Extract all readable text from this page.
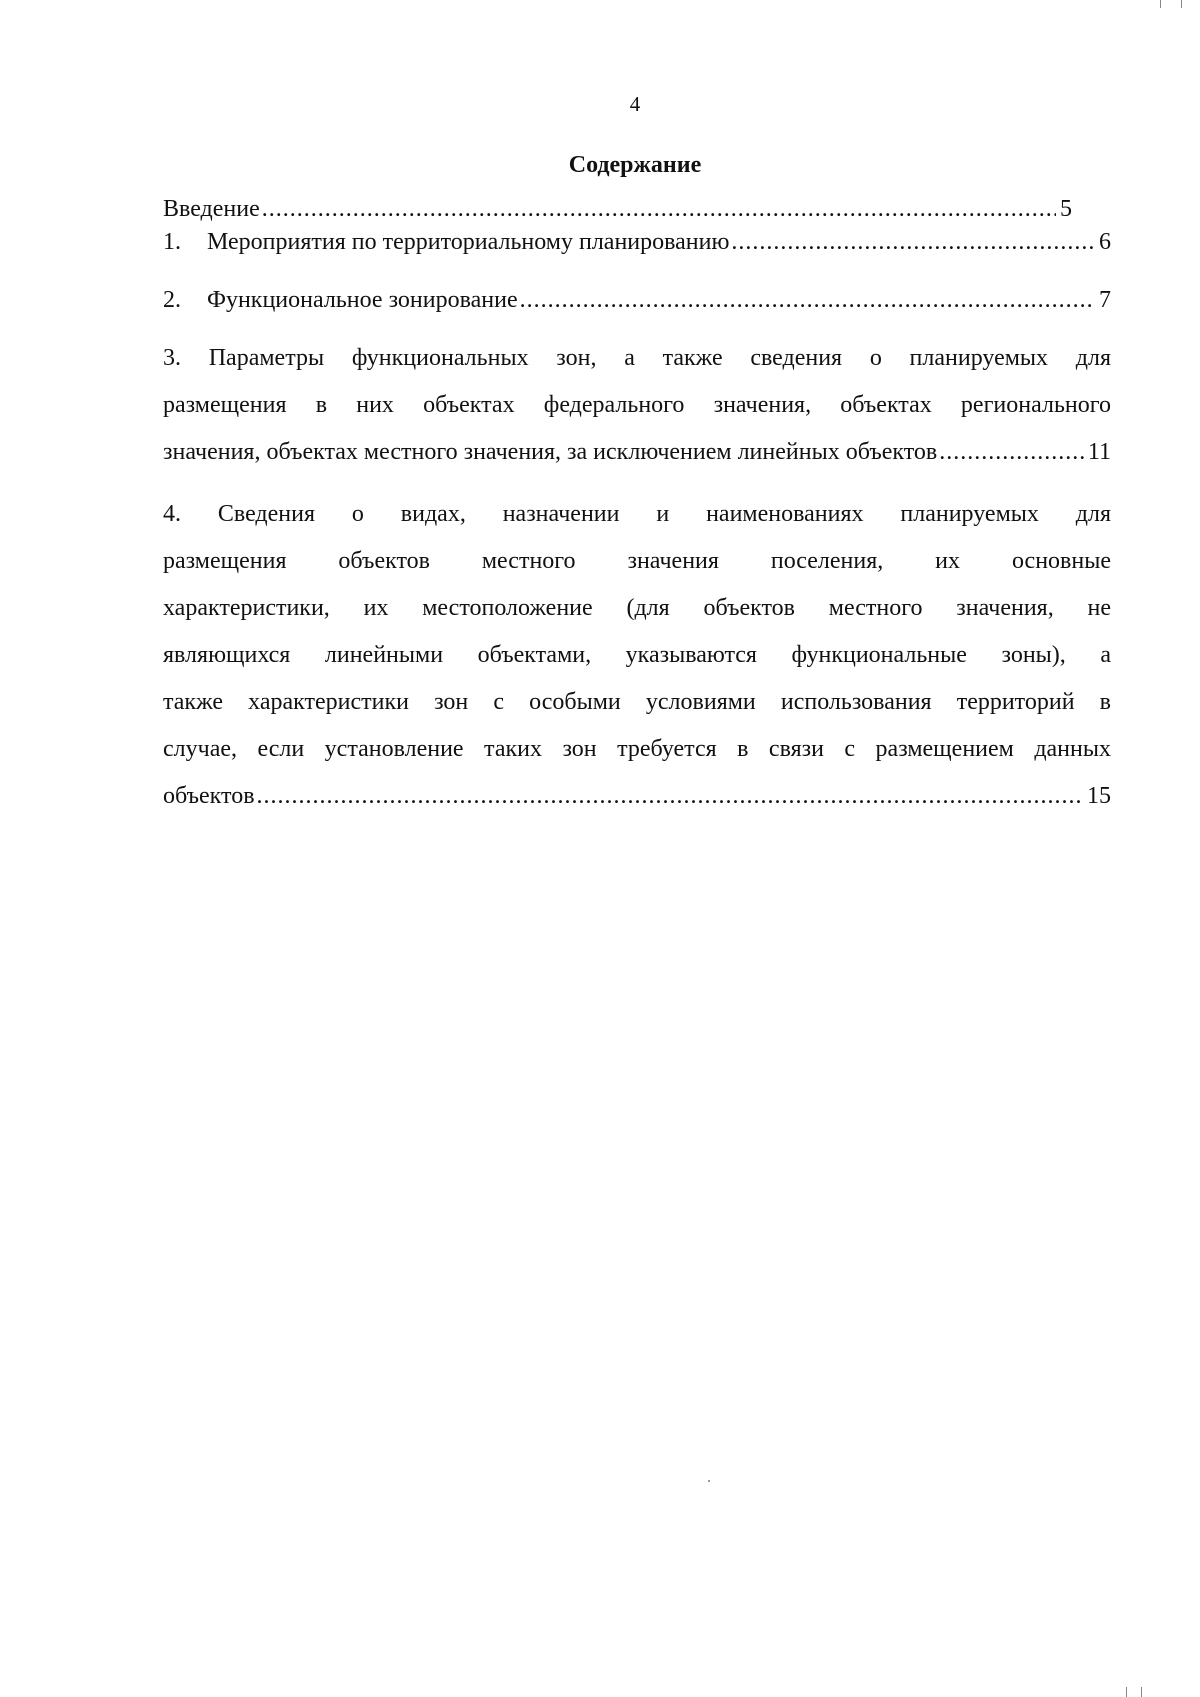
4
Содержание
Введение .....	5
1.	Мероприятия по территориальному планированию .....	6
2.	Функциональное зонирование .....	7
3. Параметры функциональных зон, а также сведения о планируемых для
размещения в них объектах федерального значения, объектах регионального
значения, объектах местного значения, за исключением линейных объектов .....	11
4. Сведения о видах, назначении и наименованиях планируемых для
размещения объектов местного значения поселения, их основные
характеристики, их местоположение (для объектов местного значения, не
являющихся линейными объектами, указываются функциональные зоны), а
также характеристики зон с особыми условиями использования территорий в
случае, если установление таких зон требуется в связи с размещением данных
объектов .....	15
